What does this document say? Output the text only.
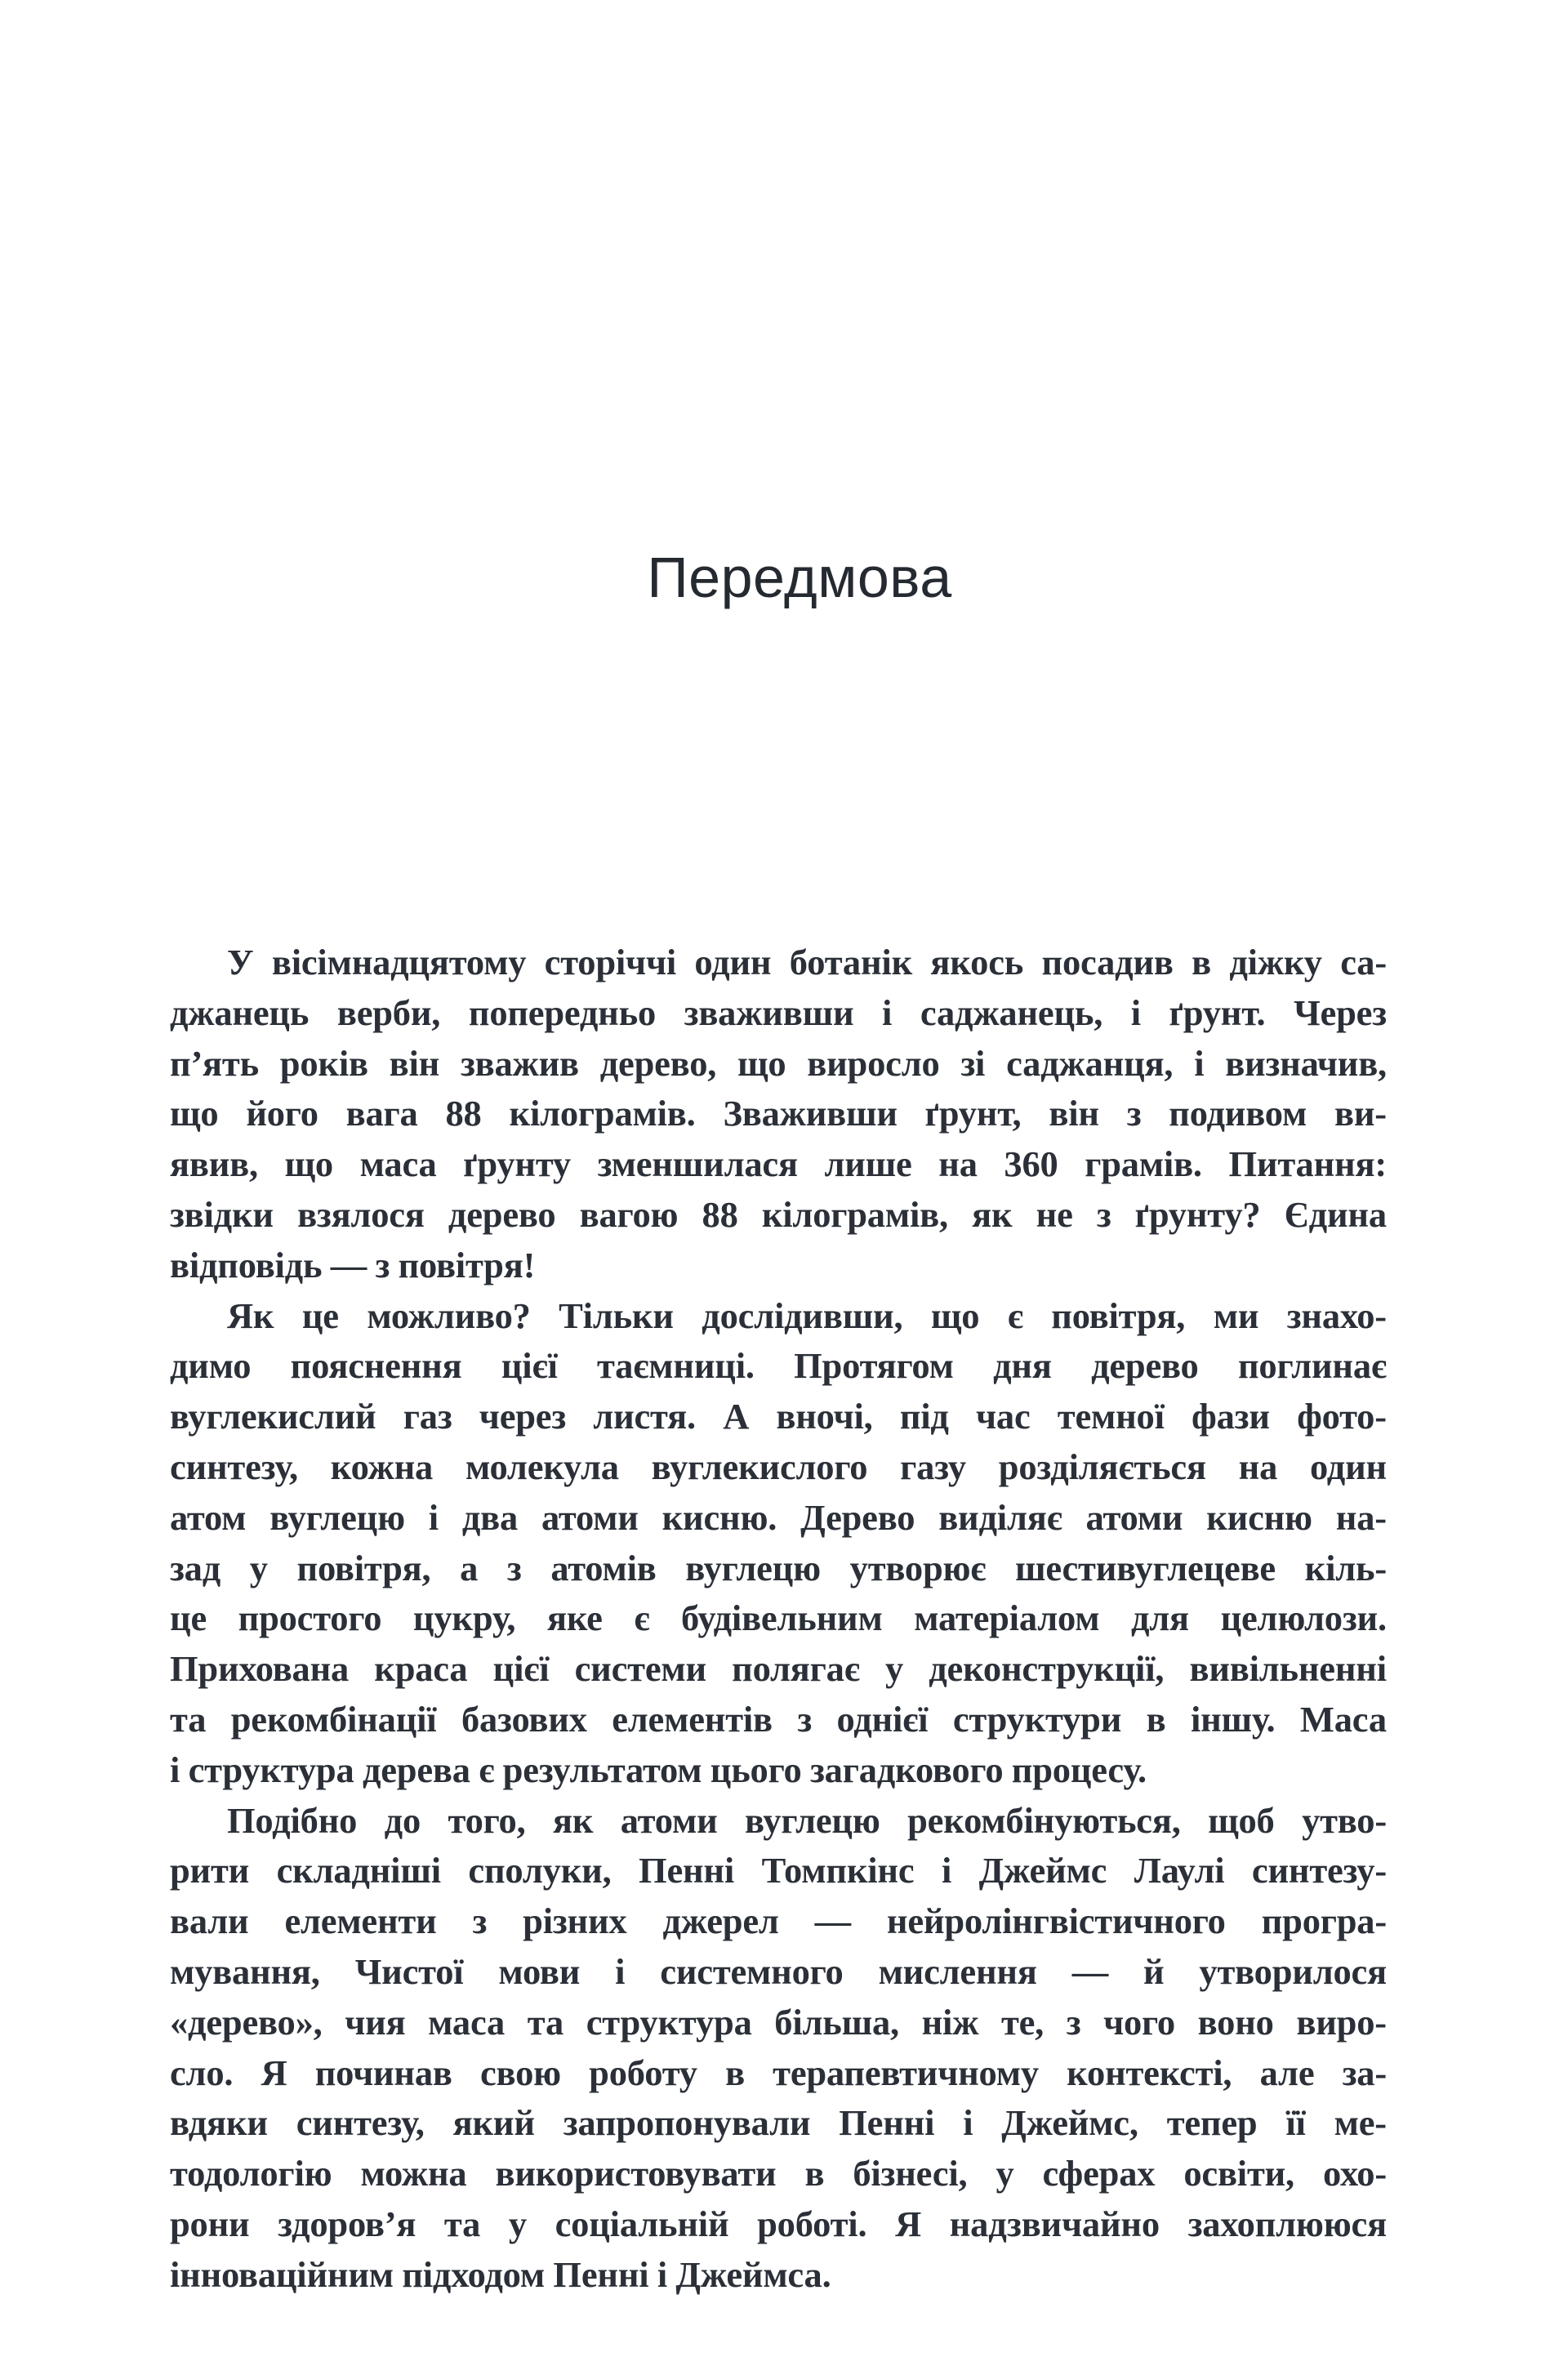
Передмова

У вісімнадцятому сторіччі один ботанік якось посадив в діжку са-
джанець верби, попередньо зваживши і саджанець, і ґрунт. Через
п’ять років він зважив дерево, що виросло зі саджанця, і визначив,
що його вага 88 кілограмів. Зваживши ґрунт, він з подивом ви-
явив, що маса ґрунту зменшилася лише на 360 грамів. Питання:
звідки взялося дерево вагою 88 кілограмів, як не з ґрунту? Єдина
відповідь — з повітря!

Як це можливо? Тільки дослідивши, що є повітря, ми знахо-
димо пояснення цієї таємниці. Протягом дня дерево поглинає
вуглекислий газ через листя. А вночі, під час темної фази фото-
синтезу, кожна молекула вуглекислого газу розділяється на один
атом вуглецю і два атоми кисню. Дерево виділяє атоми кисню на-
зад у повітря, а з атомів вуглецю утворює шестивуглецеве кіль-
це простого цукру, яке є будівельним матеріалом для целюлози.
Прихована краса цієї системи полягає у деконструкції, вивільненні
та рекомбінації базових елементів з однієї структури в іншу. Маса
і структура дерева є результатом цього загадкового процесу.

Подібно до того, як атоми вуглецю рекомбінуються, щоб утво-
рити складніші сполуки, Пенні Томпкінс і Джеймс Лаулі синтезу-
вали елементи з різних джерел — нейролінгвістичного програ-
мування, Чистої мови і системного мислення — й утворилося
«дерево», чия маса та структура більша, ніж те, з чого воно виро-
сло. Я починав свою роботу в терапевтичному контексті, але за-
вдяки синтезу, який запропонували Пенні і Джеймс, тепер її ме-
тодологію можна використовувати в бізнесі, у сферах освіти, охо-
рони здоров’я та у соціальній роботі. Я надзвичайно захоплююся
інноваційним підходом Пенні і Джеймса.
